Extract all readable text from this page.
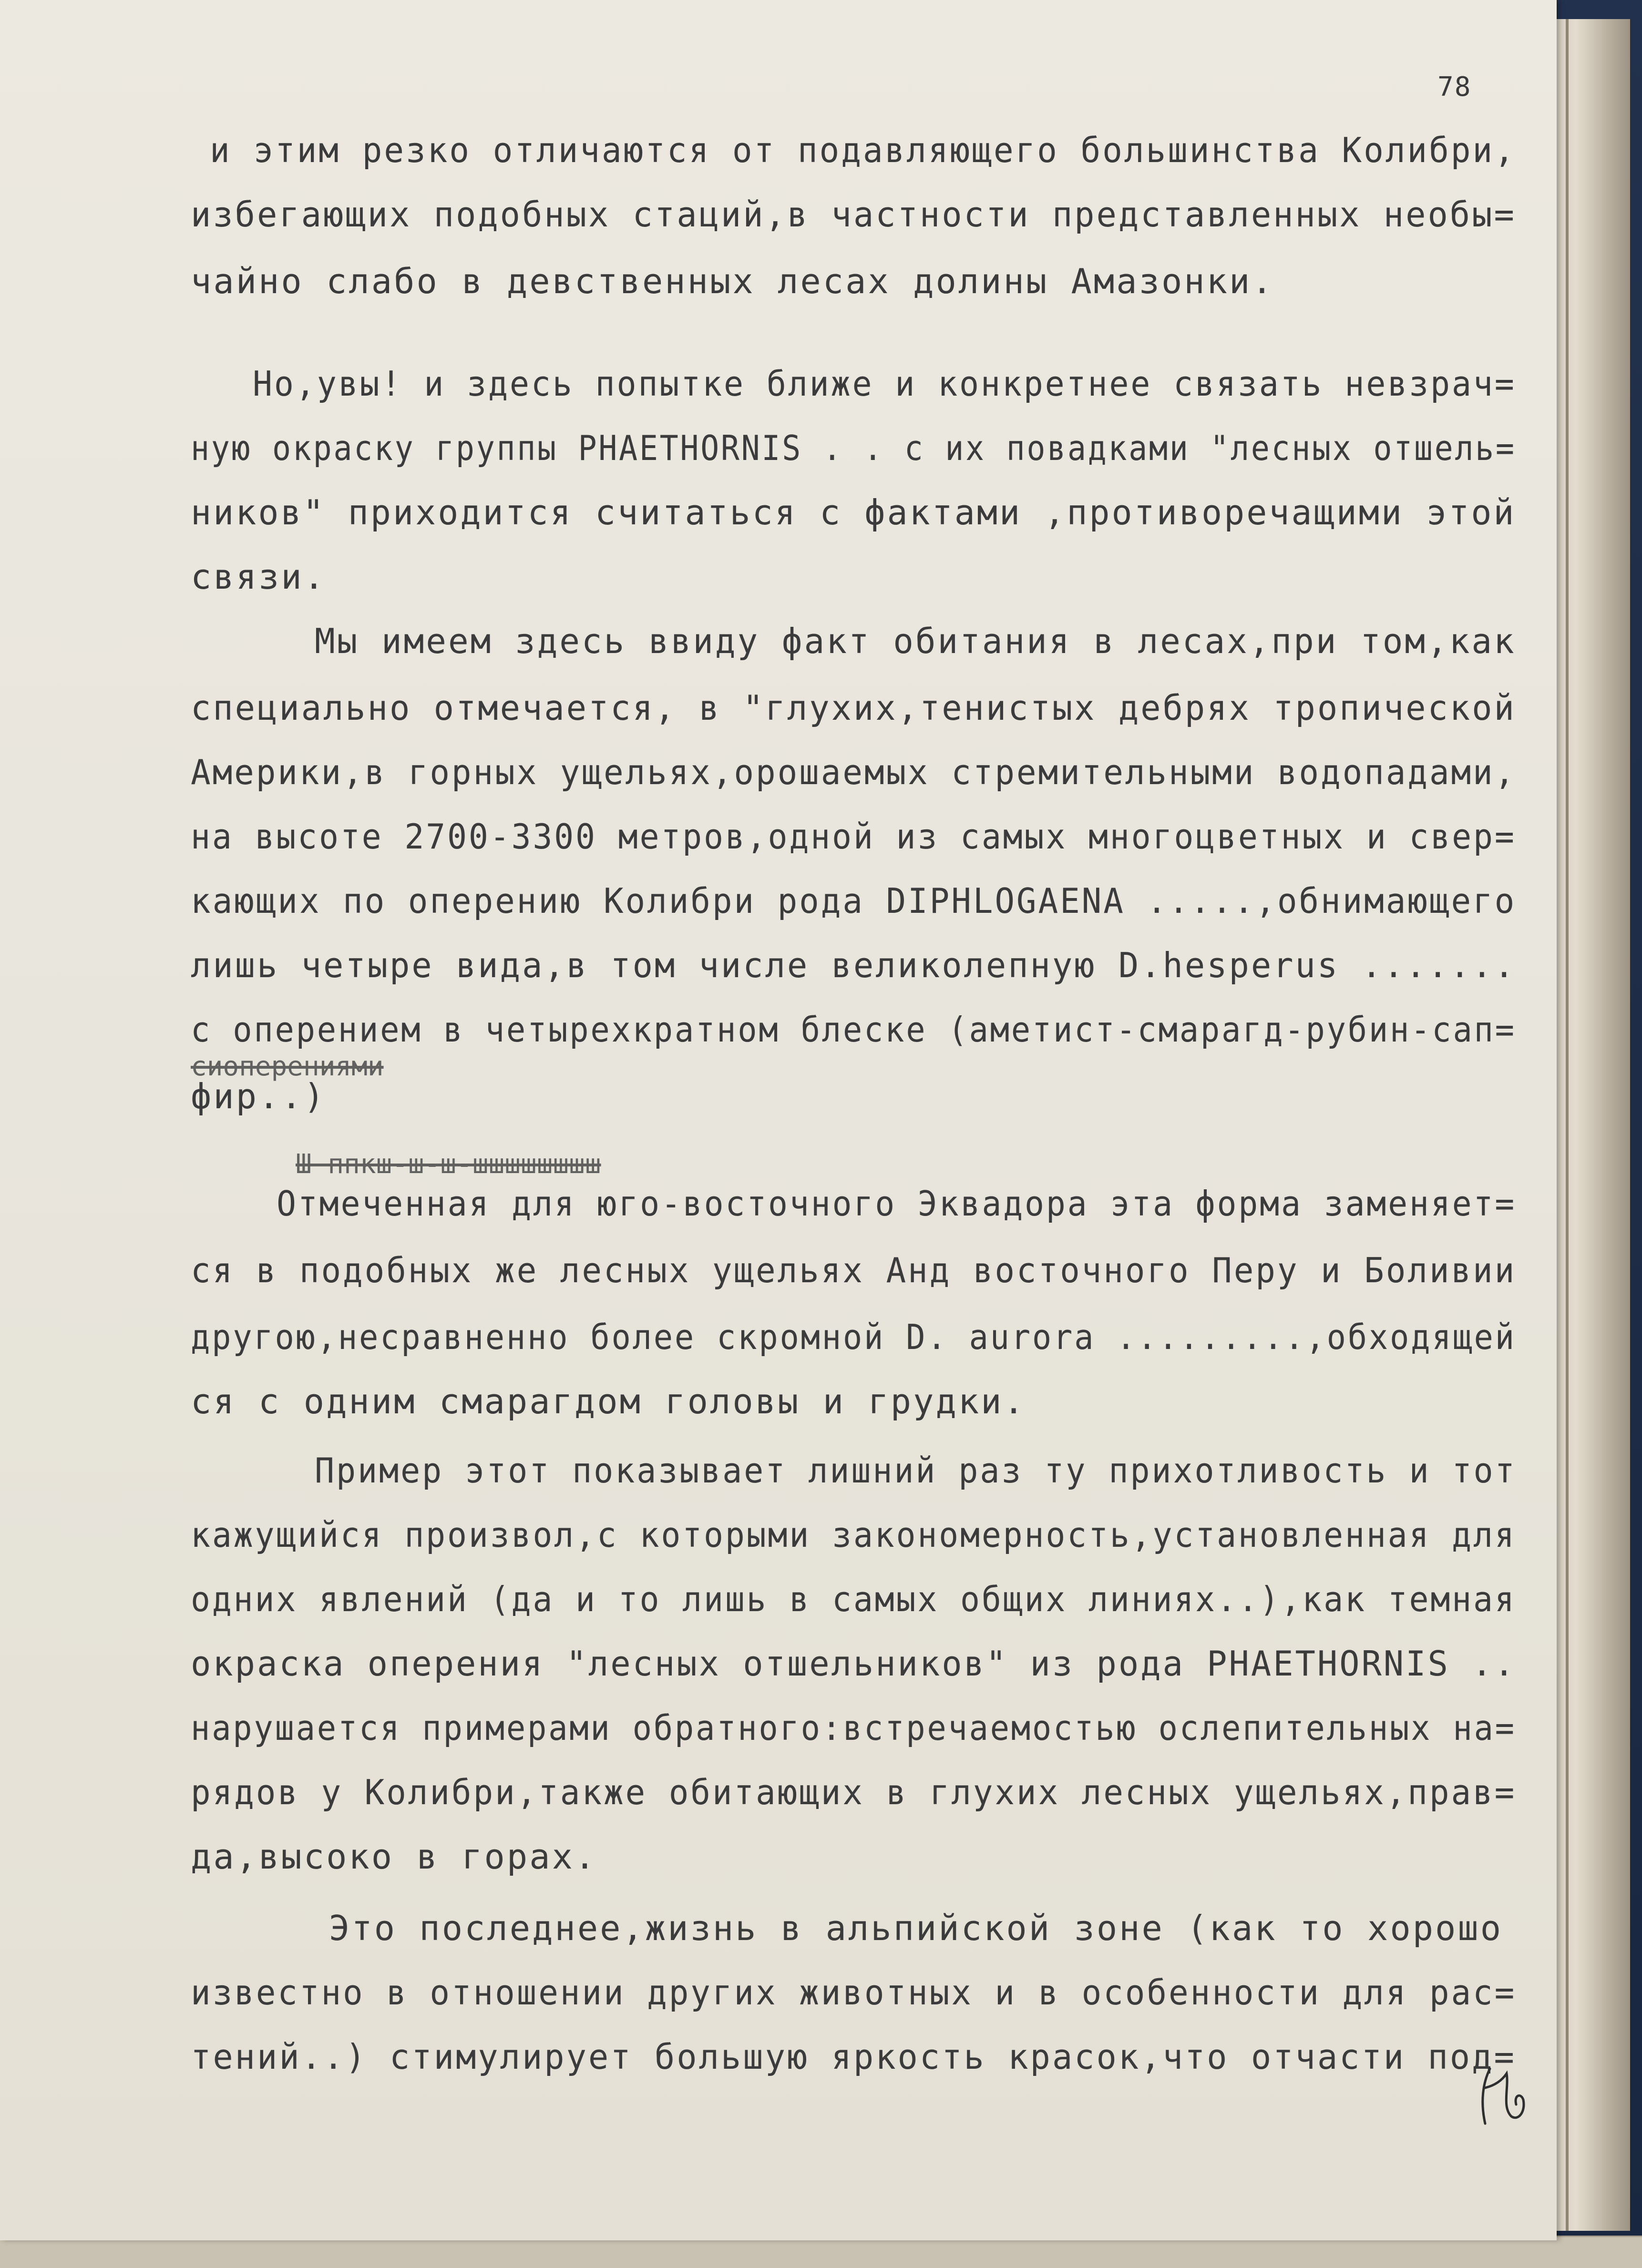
78
и этим резко отличаются от подавляющего большинства Колибри,
избегающих подобных стаций,в частности представленных необы=
чайно слабо в девственных лесах долины Амазонки.
Но,увы! и здесь попытке ближе и конкретнее связать невзрач=
ную окраску группы PHAETHORNIS . . с их повадками "лесных отшель=
ников" приходится считаться с фактами ,противоречащими этой
связи.
Мы имеем здесь ввиду факт обитания в лесах,при том,как
специально отмечается, в "глухих,тенистых дебрях тропической
Америки,в горных ущельях,орошаемых стремительными водопадами,
на высоте 2700-3300 метров,одной из самых многоцветных и свер=
кающих по оперению Колибри рода DIPHLOGAENA .....,обнимающего
лишь четыре вида,в том числе великолепную D.hesperus .......
с оперением в четырехкратном блеске (аметист-смарагд-рубин-сап=
сиоперениями
фир..)
Ш ппкш-ш-ш-шшшшшшшш
Отмеченная для юго-восточного Эквадора эта форма заменяет=
ся в подобных же лесных ущельях Анд восточного Перу и Боливии
другою,несравненно более скромной D. aurora .........,обходящей
ся с одним смарагдом головы и грудки.
Пример этот показывает лишний раз ту прихотливость и тот
кажущийся произвол,с которыми закономерность,установленная для
одних явлений (да и то лишь в самых общих линиях..),как темная
окраска оперения "лесных отшельников" из рода PHAETHORNIS ..
нарушается примерами обратного:встречаемостью ослепительных на=
рядов у Колибри,также обитающих в глухих лесных ущельях,прав=
да,высоко в горах.
Это последнее,жизнь в альпийской зоне (как то хорошо
известно в отношении других животных и в особенности для рас=
тений..) стимулирует большую яркость красок,что отчасти под=
